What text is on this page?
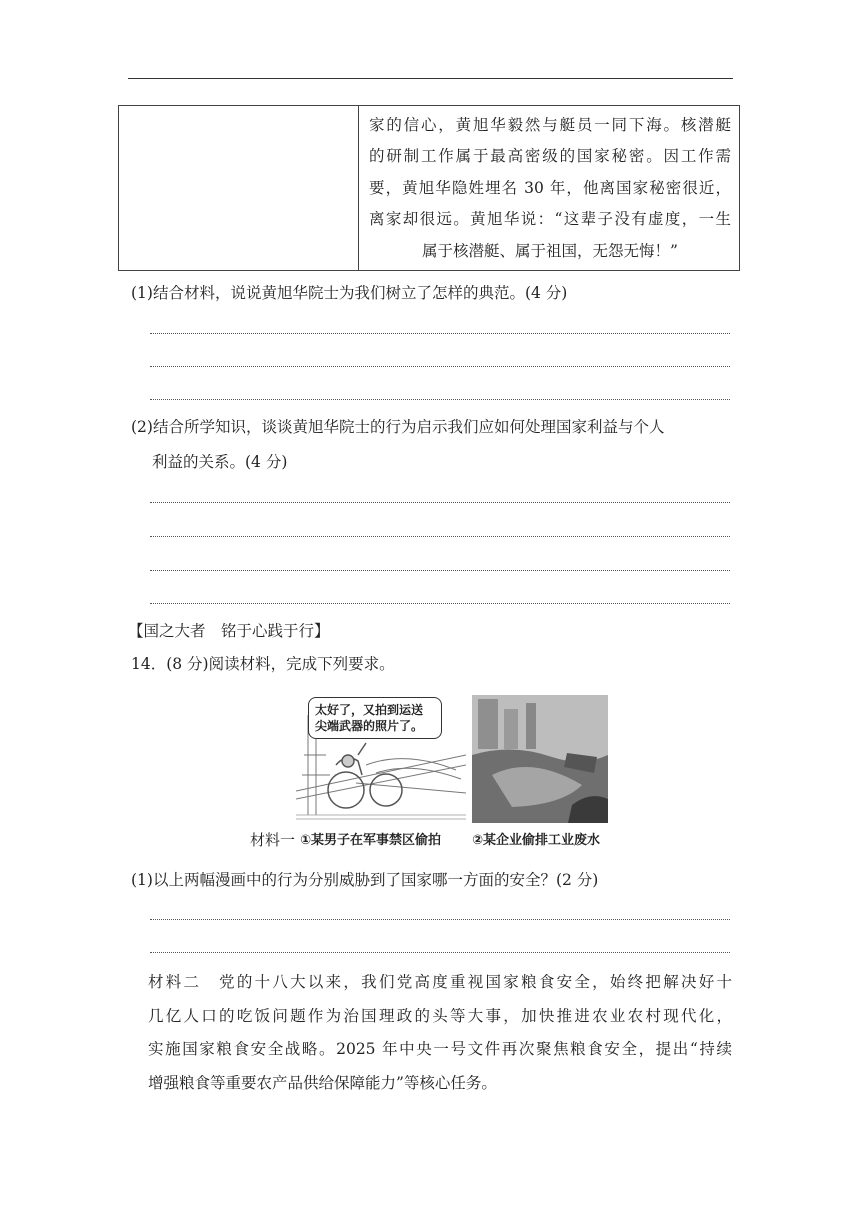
家的信心，黄旭华毅然与艇员一同下海。核潜艇

的研制工作属于最高密级的国家秘密。因工作需

要，黄旭华隐姓埋名 30 年，他离国家秘密很近，

离家却很远。黄旭华说：“这辈子没有虚度，一生

属于核潜艇、属于祖国，无怨无悔！”

(1)结合材料，说说黄旭华院士为我们树立了怎样的典范。(4 分)
(2)结合所学知识，谈谈黄旭华院士的行为启示我们应如何处理国家利益与个人
利益的关系。(4 分)
【国之大者　铭于心践于行】
14．(8 分)阅读材料，完成下列要求。
太好了，又拍到运送
尖端武器的照片了。
材料一 ①某男子在军事禁区偷拍 ②某企业偷排工业废水
(1)以上两幅漫画中的行为分别威胁到了国家哪一方面的安全？(2 分)
材料二　党的十八大以来，我们党高度重视国家粮食安全，始终把解决好十
几亿人口的吃饭问题作为治国理政的头等大事，加快推进农业农村现代化，
实施国家粮食安全战略。2025 年中央一号文件再次聚焦粮食安全，提出“持续
增强粮食等重要农产品供给保障能力”等核心任务。
